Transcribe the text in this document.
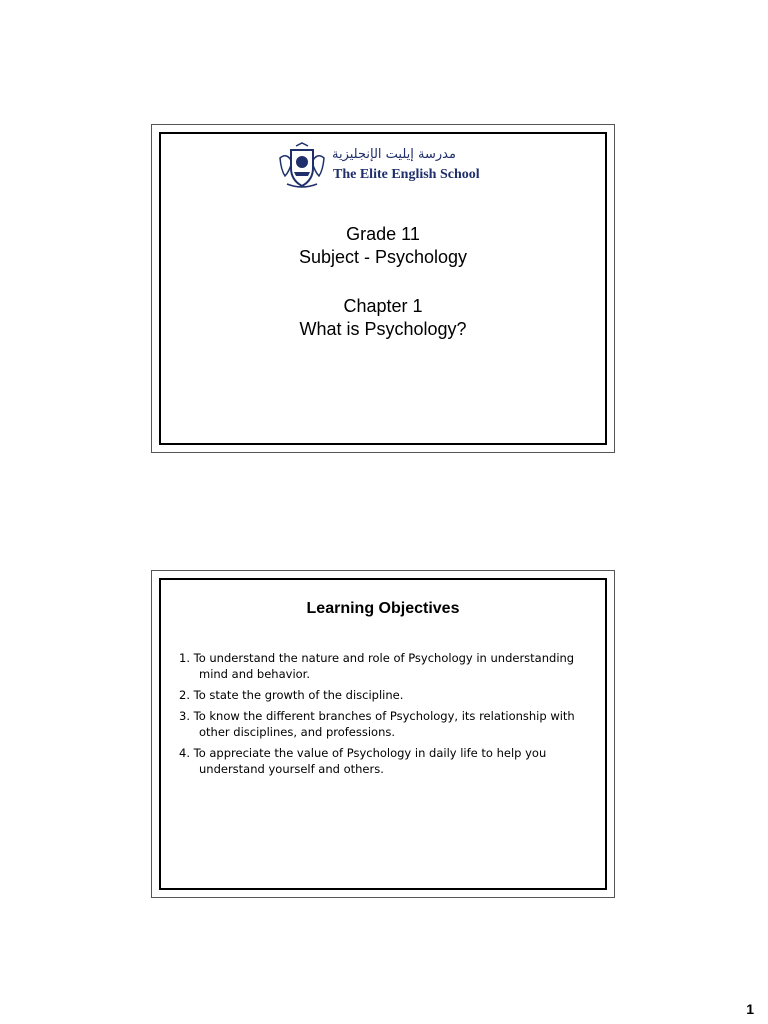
مدرسة إيليت الإنجليزية
The Elite English School
Grade 11
Subject - Psychology
Chapter 1
What is Psychology?
Learning Objectives
1. To understand the nature and role of Psychology in understanding mind and behavior.
2. To state the growth of the discipline.
3. To know the different branches of Psychology, its relationship with other disciplines, and professions.
4. To appreciate the value of Psychology in daily life to help you understand yourself and others.
1
